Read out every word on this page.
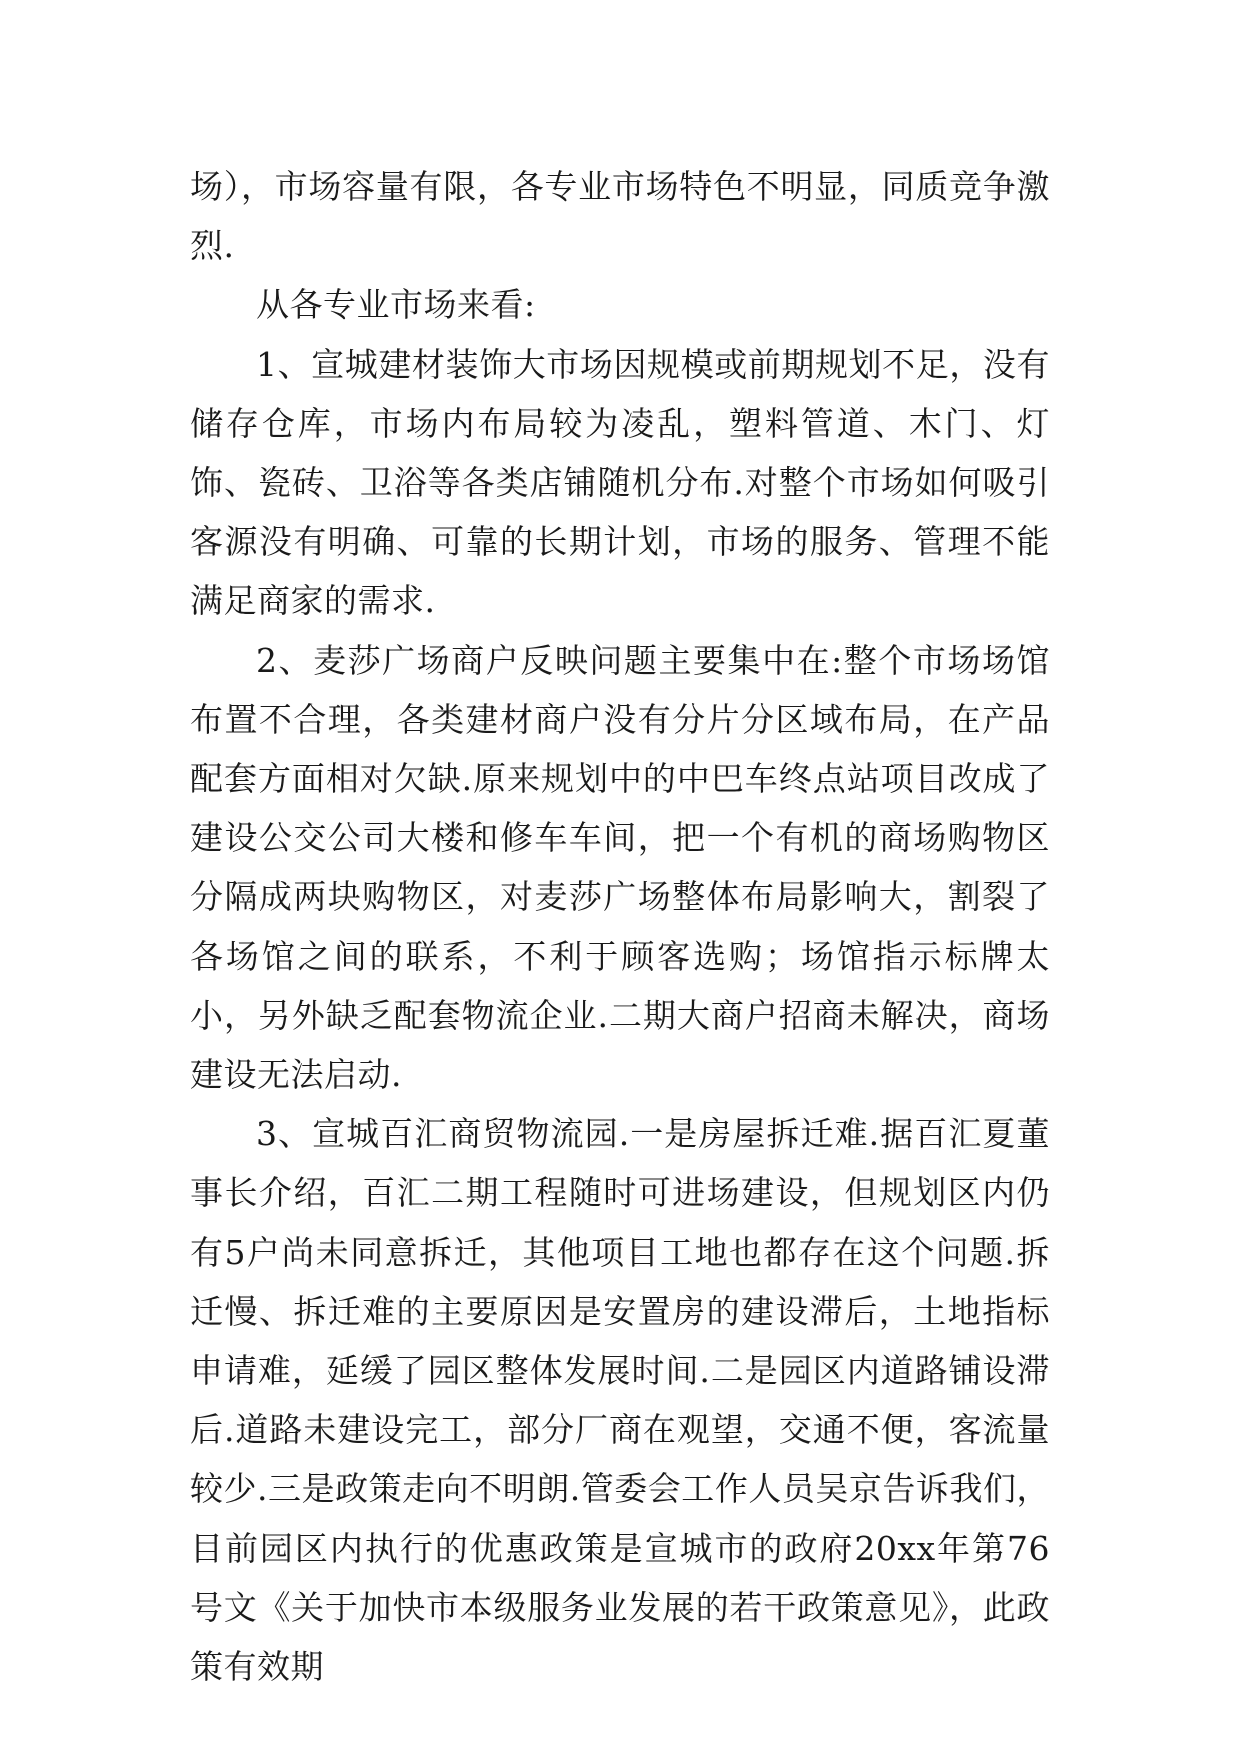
场），市场容量有限，各专业市场特色不明显，同质竞争激烈.

从各专业市场来看:

1、宣城建材装饰大市场因规模或前期规划不足，没有储存仓库，市场内布局较为凌乱，塑料管道、木门、灯饰、瓷砖、卫浴等各类店铺随机分布.对整个市场如何吸引客源没有明确、可靠的长期计划，市场的服务、管理不能满足商家的需求.

2、麦莎广场商户反映问题主要集中在:整个市场场馆布置不合理，各类建材商户没有分片分区域布局，在产品配套方面相对欠缺.原来规划中的中巴车终点站项目改成了建设公交公司大楼和修车车间，把一个有机的商场购物区分隔成两块购物区，对麦莎广场整体布局影响大，割裂了各场馆之间的联系，不利于顾客选购；场馆指示标牌太小，另外缺乏配套物流企业.二期大商户招商未解决，商场建设无法启动.

3、宣城百汇商贸物流园.一是房屋拆迁难.据百汇夏董事长介绍，百汇二期工程随时可进场建设，但规划区内仍有5户尚未同意拆迁，其他项目工地也都存在这个问题.拆迁慢、拆迁难的主要原因是安置房的建设滞后，土地指标申请难，延缓了园区整体发展时间.二是园区内道路铺设滞后.道路未建设完工，部分厂商在观望，交通不便，客流量较少.三是政策走向不明朗.管委会工作人员吴京告诉我们，目前园区内执行的优惠政策是宣城市的政府20xx年第76号文《关于加快市本级服务业发展的若干政策意见》，此政策有效期
